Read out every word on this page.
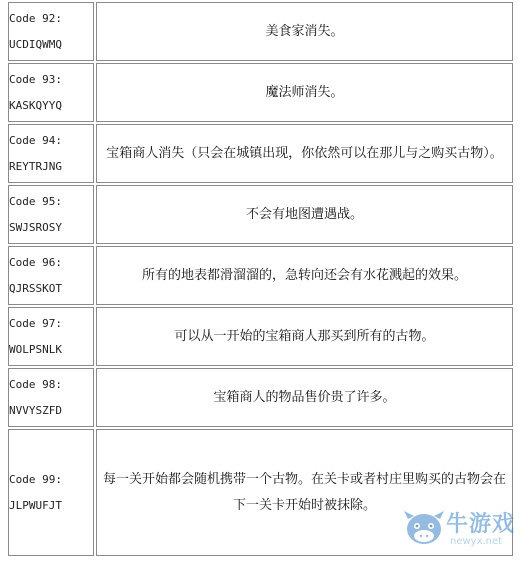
Code 92:
UCDIQWMQ	美食家消失。

Code 93:
KASKQYYQ	魔法师消失。

Code 94:
REYTRJNG	宝箱商人消失（只会在城镇出现，你依然可以在那儿与之购买古物）。

Code 95:
SWJSROSY	不会有地图遭遇战。

Code 96:
QJRSSKOT	所有的地表都滑溜溜的，急转向还会有水花溅起的效果。

Code 97:
WOLPSNLK	可以从一开始的宝箱商人那买到所有的古物。

Code 98:
NVVYSZFD	宝箱商人的物品售价贵了许多。

Code 99:
JLPWUFJT	每一关开始都会随机携带一个古物。在关卡或者村庄里购买的古物会在下一关卡开始时被抹除。
牛游戏
newyx.net
